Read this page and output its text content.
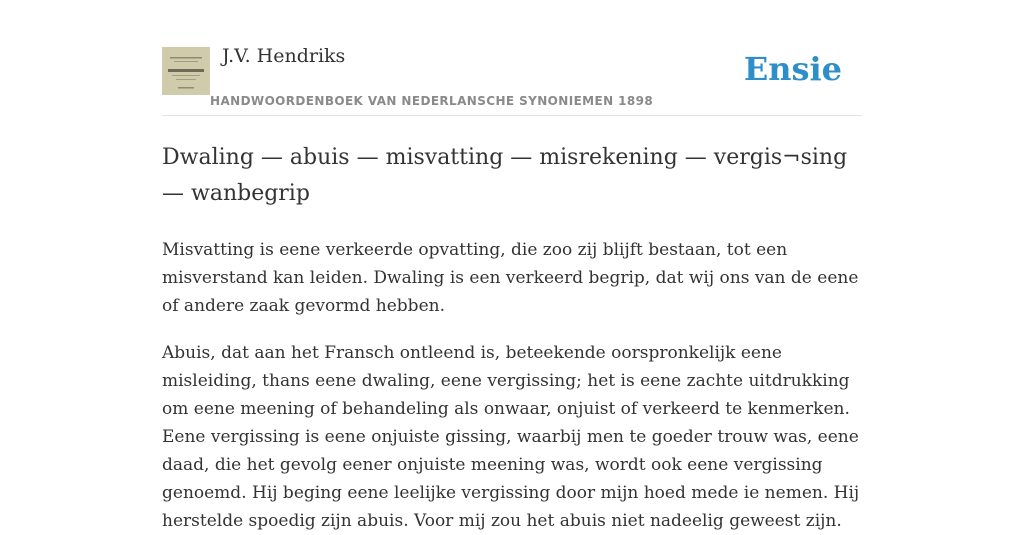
J.V. Hendriks
HANDWOORDENBOEK VAN NEDERLANSCHE SYNONIEMEN 1898
Ensie
Dwaling — abuis — misvatting — misrekening — vergis¬sing — wanbegrip

Misvatting is eene verkeerde opvatting, die zoo zij blijft bestaan, tot een misverstand kan leiden. Dwaling is een verkeerd begrip, dat wij ons van de eene of andere zaak gevormd hebben.

Abuis, dat aan het Fransch ontleend is, beteekende oorspronkelijk eene misleiding, thans eene dwaling, eene vergissing; het is eene zachte uitdrukking om eene meening of behandeling als onwaar, onjuist of verkeerd te kenmerken. Eene vergissing is eene onjuiste gissing, waarbij men te goeder trouw was, eene daad, die het gevolg eener onjuiste meening was, wordt ook eene vergissing genoemd. Hij beging eene leelijke vergissing door mijn hoed mede ie nemen. Hij herstelde spoedig zijn abuis. Voor mij zou het abuis niet nadeelig geweest zijn.
